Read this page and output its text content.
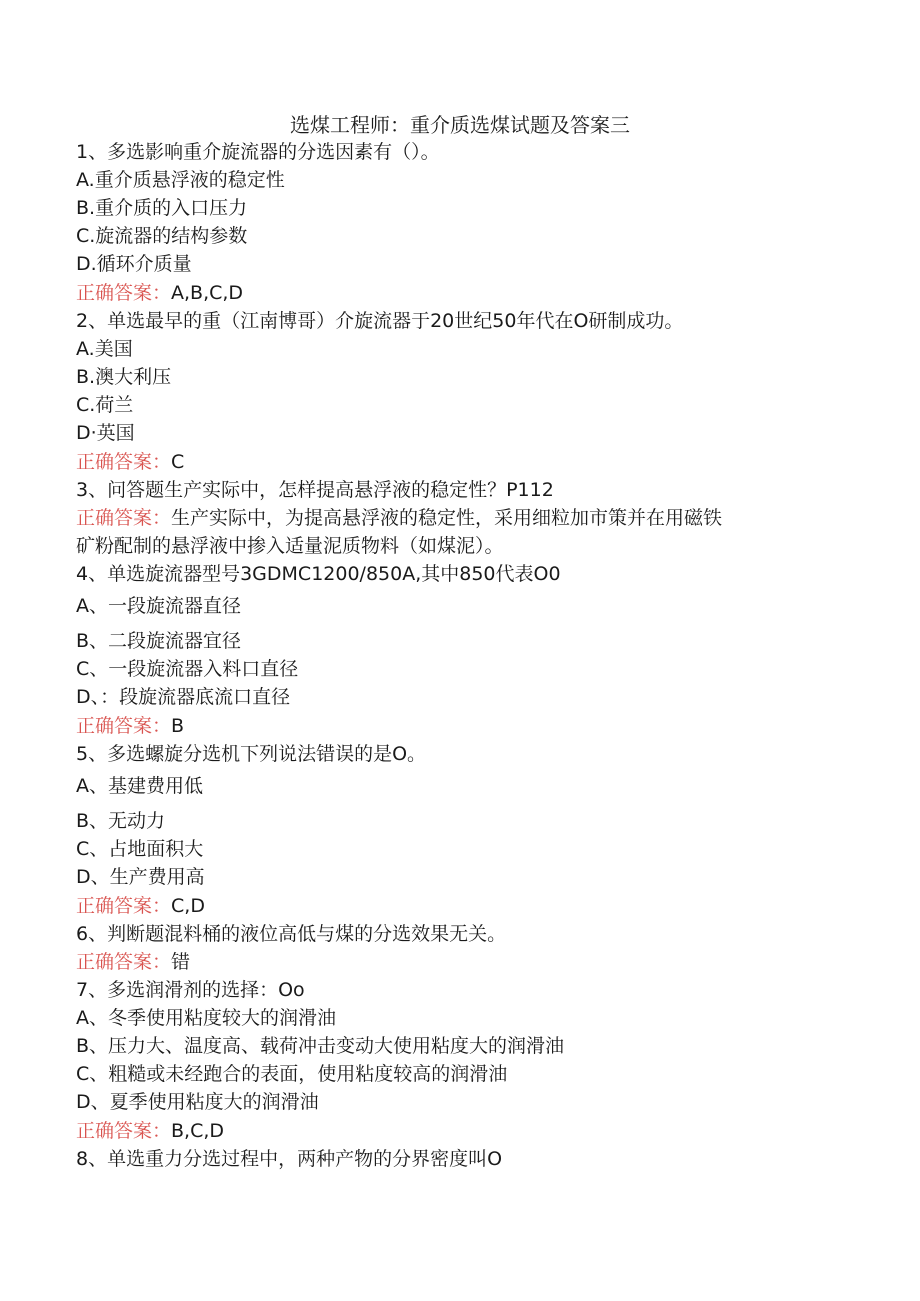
选煤工程师：重介质选煤试题及答案三
1、多选影响重介旋流器的分选因素有（）。
A.重介质悬浮液的稳定性
B.重介质的入口压力
C.旋流器的结构参数
D.循环介质量
正确答案：A,B,C,D
2、单选最早的重（江南博哥）介旋流器于20世纪50年代在O研制成功。
A.美国
B.澳大利压
C.荷兰
D·英国
正确答案：C
3、问答题生产实际中，怎样提高悬浮液的稳定性？P112
正确答案：生产实际中，为提高悬浮液的稳定性，采用细粒加市策并在用磁铁
矿粉配制的悬浮液中掺入适量泥质物料（如煤泥）。
4、单选旋流器型号3GDMC1200/850A,其中850代表O0
A、一段旋流器直径
B、二段旋流器宜径
C、一段旋流器入料口直径
D、：段旋流器底流口直径
正确答案：B
5、多选螺旋分选机下列说法错误的是O。
A、基建费用低
B、无动力
C、占地面积大
D、生产费用高
正确答案：C,D
6、判断题混料桶的液位高低与煤的分选效果无关。
正确答案：错
7、多选润滑剂的选择：Oo
A、冬季使用粘度较大的润滑油
B、压力大、温度高、载荷冲击变动大使用粘度大的润滑油
C、粗糙或未经跑合的表面，使用粘度较高的润滑油
D、夏季使用粘度大的润滑油
正确答案：B,C,D
8、单选重力分选过程中，两种产物的分界密度叫O
